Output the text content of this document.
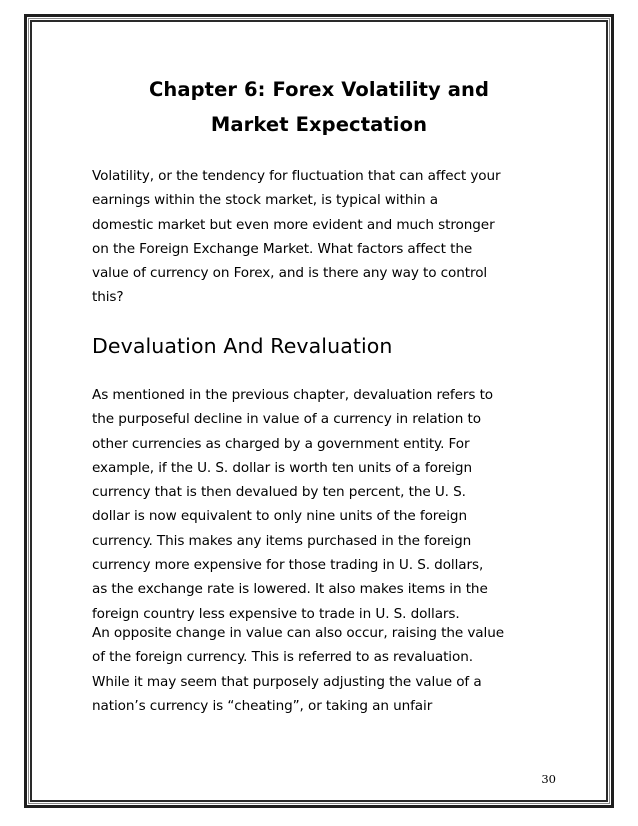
Chapter 6: Forex Volatility and
Market Expectation
Volatility, or the tendency for fluctuation that can affect your
earnings within the stock market, is typical within a
domestic market but even more evident and much stronger
on the Foreign Exchange Market. What factors affect the
value of currency on Forex, and is there any way to control
this?
Devaluation And Revaluation
As mentioned in the previous chapter, devaluation refers to
the purposeful decline in value of a currency in relation to
other currencies as charged by a government entity. For
example, if the U. S. dollar is worth ten units of a foreign
currency that is then devalued by ten percent, the U. S.
dollar is now equivalent to only nine units of the foreign
currency. This makes any items purchased in the foreign
currency more expensive for those trading in U. S. dollars,
as the exchange rate is lowered. It also makes items in the
foreign country less expensive to trade in U. S. dollars.
An opposite change in value can also occur, raising the value
of the foreign currency. This is referred to as revaluation.
While it may seem that purposely adjusting the value of a
nation’s currency is “cheating”, or taking an unfair
30
